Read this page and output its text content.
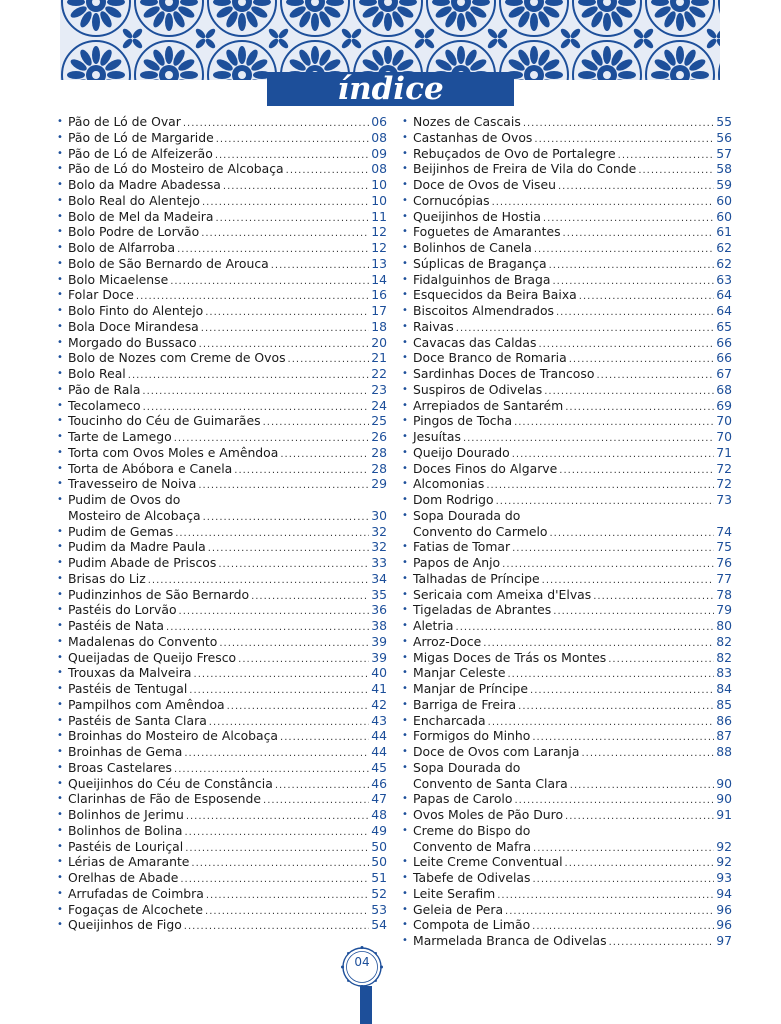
índice
• Pão de Ló de Ovar .....	06
• Pão de Ló de Margaride .....	08
• Pão de Ló de Alfeizerão .....	09
• Pão de Ló do Mosteiro de Alcobaça .....	08
• Bolo da Madre Abadessa .....	10
• Bolo Real do Alentejo .....	10
• Bolo de Mel da Madeira .....	11
• Bolo Podre de Lorvão .....	12
• Bolo de Alfarroba .....	12
• Bolo de São Bernardo de Arouca .....	13
• Bolo Micaelense .....	14
• Folar Doce .....	16
• Bolo Finto do Alentejo .....	17
• Bola Doce Mirandesa .....	18
• Morgado do Bussaco .....	20
• Bolo de Nozes com Creme de Ovos .....	21
• Bolo Real .....	22
• Pão de Rala .....	23
• Tecolameco .....	24
• Toucinho do Céu de Guimarães .....	25
• Tarte de Lamego .....	26
• Torta com Ovos Moles e Amêndoa .....	28
• Torta de Abóbora e Canela .....	28
• Travesseiro de Noiva .....	29
• Pudim de Ovos do
Mosteiro de Alcobaça .....	30
• Pudim de Gemas .....	32
• Pudim da Madre Paula .....	32
• Pudim Abade de Priscos .....	33
• Brisas do Liz .....	34
• Pudinzinhos de São Bernardo .....	35
• Pastéis do Lorvão .....	36
• Pastéis de Nata .....	38
• Madalenas do Convento .....	39
• Queijadas de Queijo Fresco .....	39
• Trouxas da Malveira .....	40
• Pastéis de Tentugal .....	41
• Pampilhos com Amêndoa .....	42
• Pastéis de Santa Clara .....	43
• Broinhas do Mosteiro de Alcobaça .....	44
• Broinhas de Gema .....	44
• Broas Castelares .....	45
• Queijinhos do Céu de Constância .....	46
• Clarinhas de Fão de Esposende .....	47
• Bolinhos de Jerimu .....	48
• Bolinhos de Bolina .....	49
• Pastéis de Louriçal .....	50
• Lérias de Amarante .....	50
• Orelhas de Abade .....	51
• Arrufadas de Coimbra .....	52
• Fogaças de Alcochete .....	53
• Queijinhos de Figo .....	54
• Nozes de Cascais .....	55
• Castanhas de Ovos .....	56
• Rebuçados de Ovo de Portalegre .....	57
• Beijinhos de Freira de Vila do Conde .....	58
• Doce de Ovos de Viseu .....	59
• Cornucópias .....	60
• Queijinhos de Hostia .....	60
• Foguetes de Amarantes .....	61
• Bolinhos de Canela .....	62
• Súplicas de Bragança .....	62
• Fidalguinhos de Braga .....	63
• Esquecidos da Beira Baixa .....	64
• Biscoitos Almendrados .....	64
• Raivas .....	65
• Cavacas das Caldas .....	66
• Doce Branco de Romaria .....	66
• Sardinhas Doces de Trancoso .....	67
• Suspiros de Odivelas .....	68
• Arrepiados de Santarém .....	69
• Pingos de Tocha .....	70
• Jesuítas .....	70
• Queijo Dourado .....	71
• Doces Finos do Algarve .....	72
• Alcomonias .....	72
• Dom Rodrigo .....	73
• Sopa Dourada do
Convento do Carmelo .....	74
• Fatias de Tomar .....	75
• Papos de Anjo .....	76
• Talhadas de Príncipe .....	77
• Sericaia com Ameixa d'Elvas .....	78
• Tigeladas de Abrantes .....	79
• Aletria .....	80
• Arroz-Doce .....	82
• Migas Doces de Trás os Montes .....	82
• Manjar Celeste .....	83
• Manjar de Príncipe .....	84
• Barriga de Freira .....	85
• Encharcada .....	86
• Formigos do Minho .....	87
• Doce de Ovos com Laranja .....	88
• Sopa Dourada do
Convento de Santa Clara .....	90
• Papas de Carolo .....	90
• Ovos Moles de Pão Duro .....	91
• Creme do Bispo do
Convento de Mafra .....	92
• Leite Creme Conventual .....	92
• Tabefe de Odivelas .....	93
• Leite Serafim .....	94
• Geleia de Pera .....	96
• Compota de Limão .....	96
• Marmelada Branca de Odivelas .....	97
04
